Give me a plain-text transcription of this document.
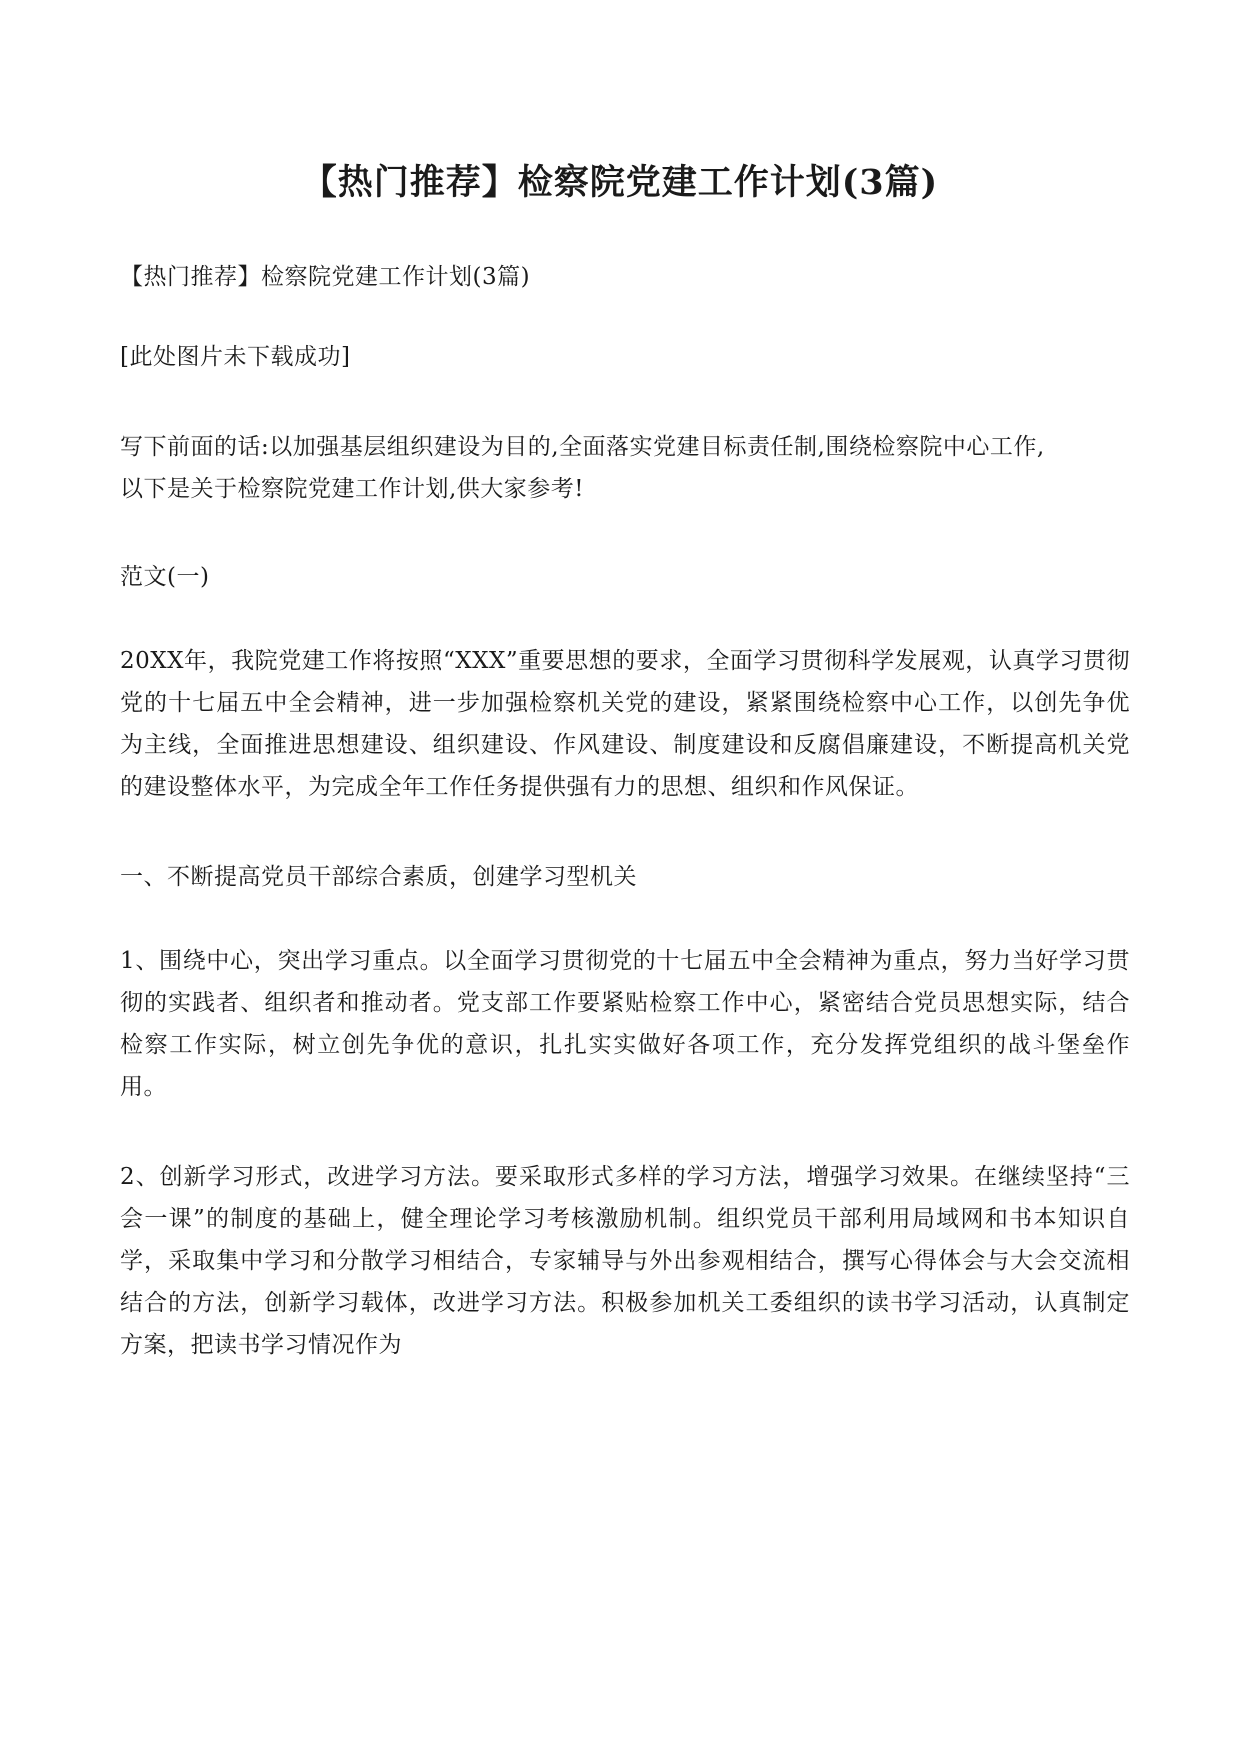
【热门推荐】检察院党建工作计划(3篇)

【热门推荐】检察院党建工作计划(3篇)

[此处图片未下载成功]

写下前面的话:以加强基层组织建设为目的,全面落实党建目标责任制,围绕检察院中心工作,
以下是关于检察院党建工作计划,供大家参考!

范文(一)

20XX年，我院党建工作将按照“XXX”重要思想的要求，全面学习贯彻科学发展观，认真学习贯彻党的十七届五中全会精神，进一步加强检察机关党的建设，紧紧围绕检察中心工作，以创先争优为主线，全面推进思想建设、组织建设、作风建设、制度建设和反腐倡廉建设，不断提高机关党的建设整体水平，为完成全年工作任务提供强有力的思想、组织和作风保证。

一、不断提高党员干部综合素质，创建学习型机关

1、围绕中心，突出学习重点。以全面学习贯彻党的十七届五中全会精神为重点，努力当好学习贯彻的实践者、组织者和推动者。党支部工作要紧贴检察工作中心，紧密结合党员思想实际，结合检察工作实际，树立创先争优的意识，扎扎实实做好各项工作，充分发挥党组织的战斗堡垒作用。

2、创新学习形式，改进学习方法。要采取形式多样的学习方法，增强学习效果。在继续坚持“三会一课”的制度的基础上，健全理论学习考核激励机制。组织党员干部利用局域网和书本知识自学，采取集中学习和分散学习相结合，专家辅导与外出参观相结合，撰写心得体会与大会交流相结合的方法，创新学习载体，改进学习方法。积极参加机关工委组织的读书学习活动，认真制定方案，把读书学习情况作为
